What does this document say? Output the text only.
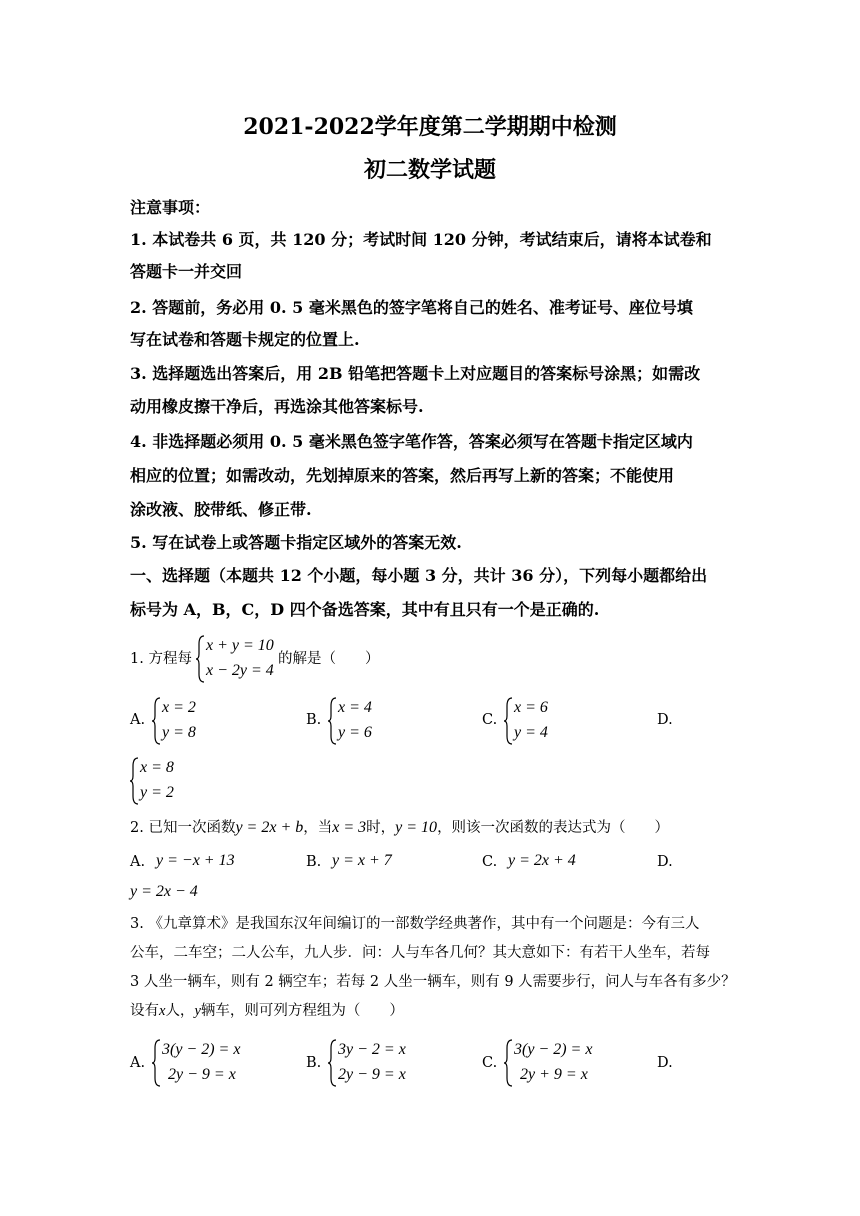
2021-2022学年度第二学期期中检测
初二数学试题
注意事项：
1. 本试卷共 6 页，共 120 分；考试时间 120 分钟，考试结束后，请将本试卷和
答题卡一并交回
2. 答题前，务必用 0. 5 毫米黑色的签字笔将自己的姓名、准考证号、座位号填
写在试卷和答题卡规定的位置上.
3. 选择题选出答案后，用 2B 铅笔把答题卡上对应题目的答案标号涂黑；如需改
动用橡皮擦干净后，再选涂其他答案标号.
4. 非选择题必须用 0. 5 毫米黑色签字笔作答，答案必须写在答题卡指定区域内
相应的位置；如需改动，先划掉原来的答案，然后再写上新的答案；不能使用
涂改液、胶带纸、修正带.
5. 写在试卷上或答题卡指定区域外的答案无效.
一、选择题（本题共 12 个小题，每小题 3 分，共计 36 分），下列每小题都给出
标号为 A，B，C，D 四个备选答案，其中有且只有一个是正确的.
1. 方程每
x + y = 10
x − 2y = 4
的解是（　　）
A.
x = 2
y = 8
B.
x = 4
y = 6
C.
x = 6
y = 4
D.
x = 8
y = 2
2. 已知一次函数y = 2x + b，当x = 3时，y = 10，则该一次函数的表达式为（　　）
A. y = −x + 13	B. y = x + 7	C. y = 2x + 4	D.
y = 2x − 4
3. 《九章算术》是我国东汉年间编订的一部数学经典著作，其中有一个问题是：今有三人
公车，二车空；二人公车，九人步．问：人与车各几何？其大意如下：有若干人坐车，若每
3 人坐一辆车，则有 2 辆空车；若每 2 人坐一辆车，则有 9 人需要步行，问人与车各有多少？
设有x人，y辆车，则可列方程组为（　　）
A.
3(y − 2) = x
2y − 9 = x
B.
3y − 2 = x
2y − 9 = x
C.
3(y − 2) = x
2y + 9 = x
D.
